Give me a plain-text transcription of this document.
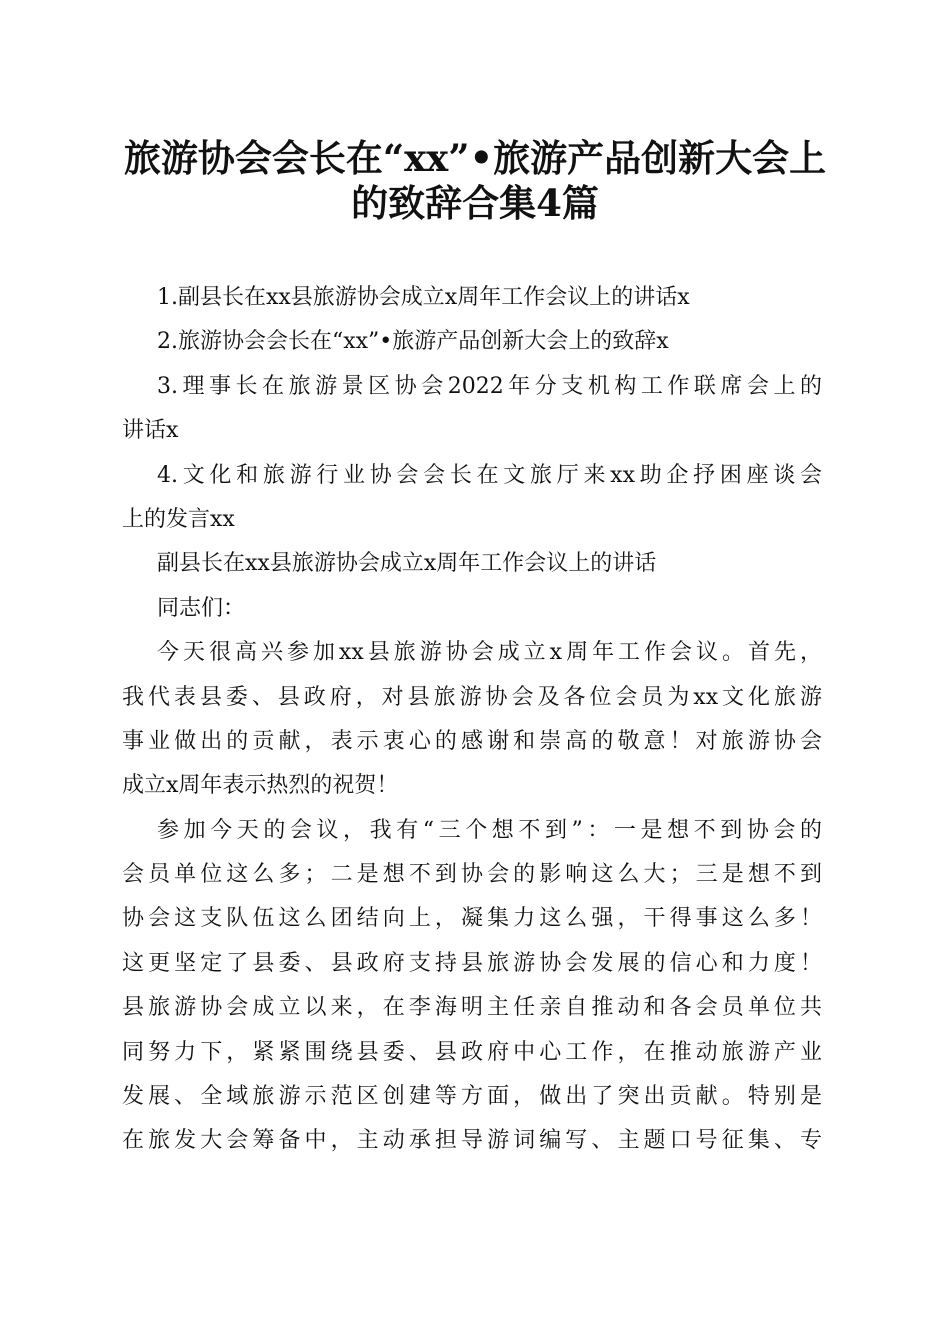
旅游协会会长在“xx”•旅游产品创新大会上
的致辞合集4篇
1.副县长在xx县旅游协会成立x周年工作会议上的讲话x
2.旅游协会会长在“xx”•旅游产品创新大会上的致辞x
3.理事长在旅游景区协会2022年分支机构工作联席会上的
讲话x
4.文化和旅游行业协会会长在文旅厅来xx助企抒困座谈会
上的发言xx
副县长在xx县旅游协会成立x周年工作会议上的讲话
同志们：
今天很高兴参加xx县旅游协会成立x周年工作会议。首先，
我代表县委、县政府，对县旅游协会及各位会员为xx文化旅游
事业做出的贡献，表示衷心的感谢和崇高的敬意！对旅游协会
成立x周年表示热烈的祝贺！
参加今天的会议，我有“三个想不到”：一是想不到协会的
会员单位这么多；二是想不到协会的影响这么大；三是想不到
协会这支队伍这么团结向上，凝集力这么强，干得事这么多！
这更坚定了县委、县政府支持县旅游协会发展的信心和力度！
县旅游协会成立以来，在李海明主任亲自推动和各会员单位共
同努力下，紧紧围绕县委、县政府中心工作，在推动旅游产业
发展、全域旅游示范区创建等方面，做出了突出贡献。特别是
在旅发大会筹备中，主动承担导游词编写、主题口号征集、专
